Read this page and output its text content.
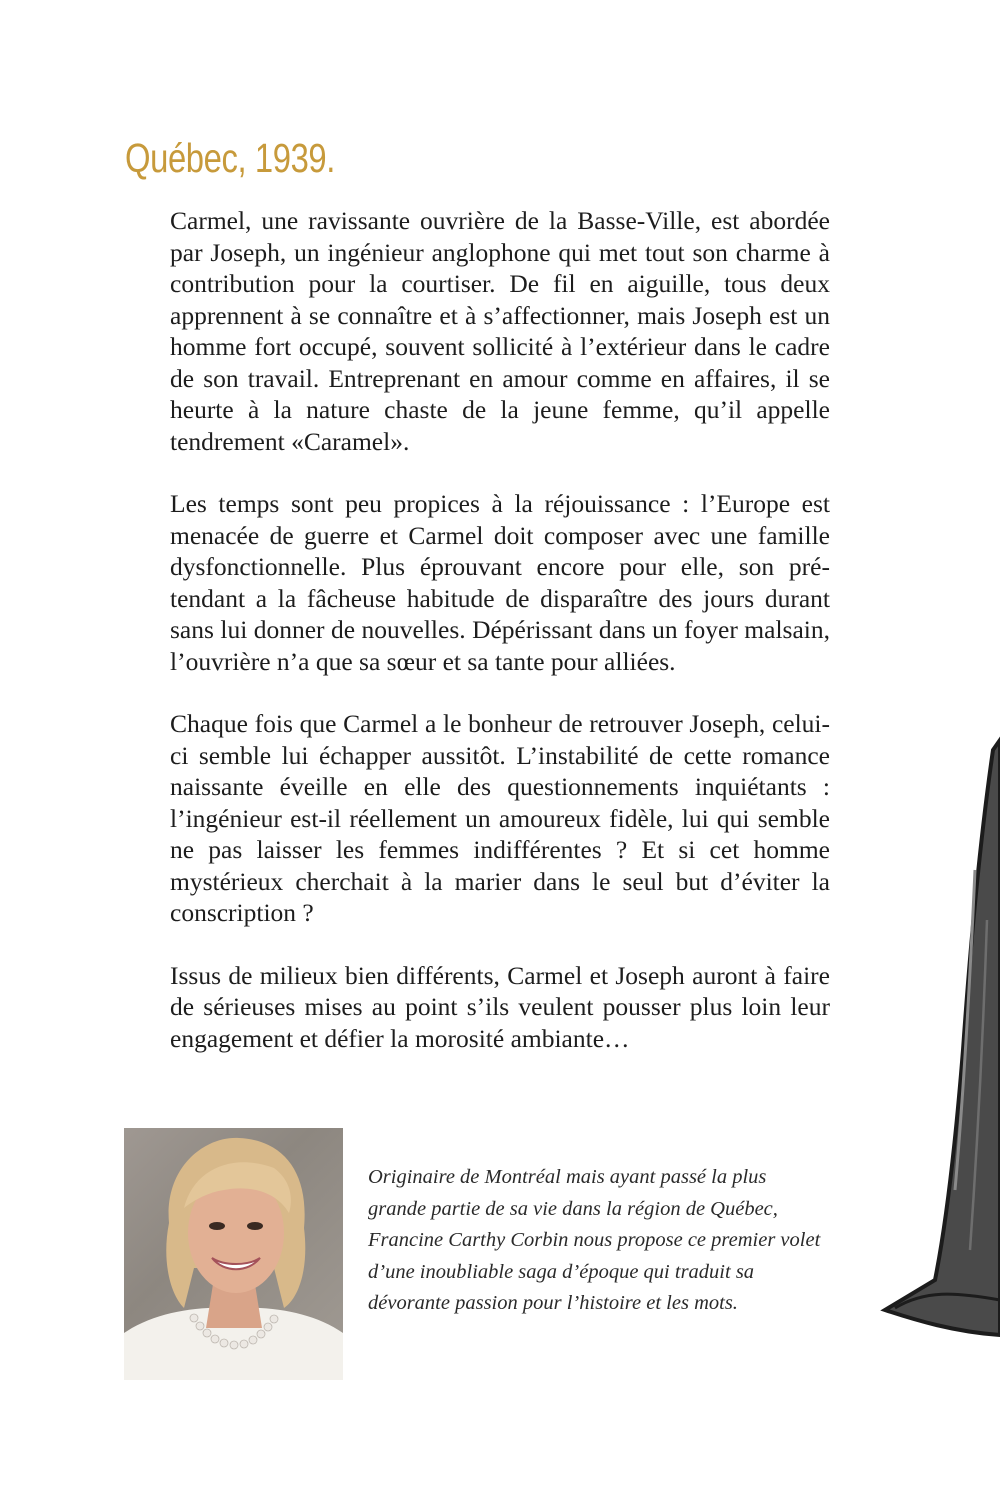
Québec, 1939.

Carmel, une ravissante ouvrière de la Basse-Ville, est abordée par Joseph, un ingénieur anglophone qui met tout son charme à contribution pour la courtiser. De fil en aiguille, tous deux apprennent à se connaître et à s’affectionner, mais Joseph est un homme fort occupé, souvent sollicité à l’extérieur dans le cadre de son travail. Entreprenant en amour comme en affaires, il se heurte à la nature chaste de la jeune femme, qu’il appelle tendrement «Caramel».

Les temps sont peu propices à la réjouissance : l’Europe est menacée de guerre et Carmel doit composer avec une famille dysfonctionnelle. Plus éprouvant encore pour elle, son prétendant a la fâcheuse habitude de disparaître des jours durant sans lui donner de nouvelles. Dépérissant dans un foyer malsain, l’ouvrière n’a que sa sœur et sa tante pour alliées.

Chaque fois que Carmel a le bonheur de retrouver Joseph, celui-ci semble lui échapper aussitôt. L’instabilité de cette romance naissante éveille en elle des questionnements inquiétants : l’ingénieur est-il réellement un amoureux fidèle, lui qui semble ne pas laisser les femmes indifférentes ? Et si cet homme mystérieux cherchait à la marier dans le seul but d’éviter la conscription ?

Issus de milieux bien différents, Carmel et Joseph auront à faire de sérieuses mises au point s’ils veulent pousser plus loin leur engagement et défier la morosité ambiante…

Originaire de Montréal mais ayant passé la plus grande partie de sa vie dans la région de Québec, Francine Carthy Corbin nous propose ce premier volet d’une inoubliable saga d’époque qui traduit sa dévorante passion pour l’histoire et les mots.
